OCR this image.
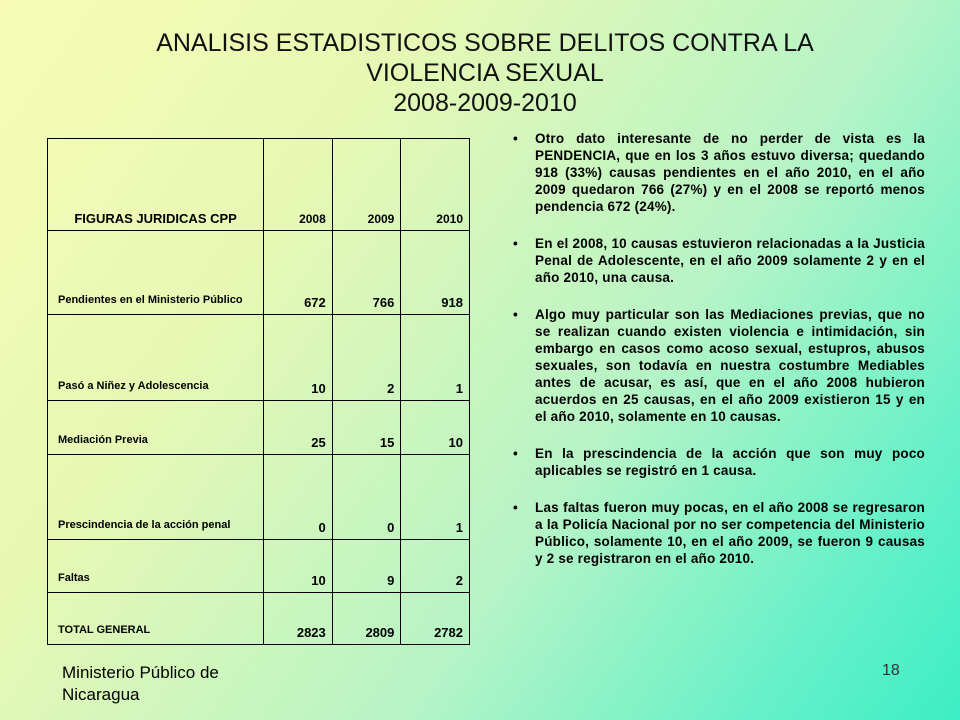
ANALISIS ESTADISTICOS SOBRE DELITOS CONTRA LA
VIOLENCIA SEXUAL
2008-2009-2010
FIGURAS JURIDICAS CPP	2008	2009	2010
Pendientes en el Ministerio Público	672	766	918
Pasó a Niñez y Adolescencia	10	2	1
Mediación Previa	25	15	10
Prescindencia de la acción penal	0	0	1
Faltas	10	9	2
TOTAL GENERAL	2823	2809	2782
• Otro dato interesante de no perder de vista es la PENDENCIA, que en los 3 años estuvo diversa; quedando 918 (33%) causas pendientes en el año 2010, en el año 2009 quedaron 766 (27%) y en el 2008 se reportó menos pendencia 672 (24%).
• En el 2008, 10 causas estuvieron relacionadas a la Justicia Penal de Adolescente, en el año 2009 solamente 2 y en el año 2010, una causa.
• Algo muy particular son las Mediaciones previas, que no se realizan cuando existen violencia e intimidación, sin embargo en casos como acoso sexual, estupros, abusos sexuales, son todavía en nuestra costumbre Mediables antes de acusar, es así, que en el año 2008 hubieron acuerdos en 25 causas, en el año 2009 existieron 15 y en el año 2010, solamente en 10 causas.
• En la prescindencia de la acción que son muy poco aplicables se registró en 1 causa.
• Las faltas fueron muy pocas, en el año 2008 se regresaron a la Policía Nacional por no ser competencia del Ministerio Público, solamente 10, en el año 2009, se fueron 9 causas y 2 se registraron en el año 2010.
Ministerio Público de Nicaragua
18
